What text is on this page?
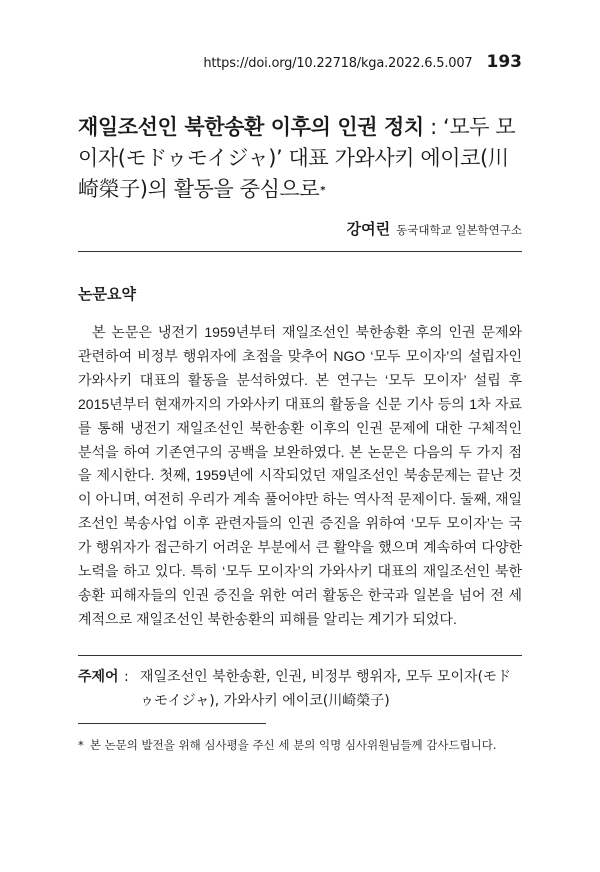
https://doi.org/10.22718/kga.2022.6.5.007 193
재일조선인 북한송환 이후의 인권 정치 : ‘모두 모이자(モドゥモイジャ)’ 대표 가와사키 에이코(川崎榮子)의 활동을 중심으로*
강여린 동국대학교 일본학연구소
논문요약

본 논문은 냉전기 1959년부터 재일조선인 북한송환 후의 인권 문제와 관련하여 비정부 행위자에 초점을 맞추어 NGO ‘모두 모이자’의 설립자인 가와사키 대표의 활동을 분석하였다. 본 연구는 ‘모두 모이자’ 설립 후 2015년부터 현재까지의 가와사키 대표의 활동을 신문 기사 등의 1차 자료를 통해 냉전기 재일조선인 북한송환 이후의 인권 문제에 대한 구체적인 분석을 하여 기존연구의 공백을 보완하였다. 본 논문은 다음의 두 가지 점을 제시한다. 첫째, 1959년에 시작되었던 재일조선인 북송문제는 끝난 것이 아니며, 여전히 우리가 계속 풀어야만 하는 역사적 문제이다. 둘째, 재일조선인 북송사업 이후 관련자들의 인권 증진을 위하여 ‘모두 모이자’는 국가 행위자가 접근하기 어려운 부분에서 큰 활약을 했으며 계속하여 다양한 노력을 하고 있다. 특히 ‘모두 모이자’의 가와사키 대표의 재일조선인 북한송환 피해자들의 인권 증진을 위한 여러 활동은 한국과 일본을 넘어 전 세계적으로 재일조선인 북한송환의 피해를 알리는 계기가 되었다.

주제어 : 재일조선인 북한송환, 인권, 비정부 행위자, 모두 모이자(モドゥモイジャ), 가와사키 에이코(川崎榮子)
* 본 논문의 발전을 위해 심사평을 주신 세 분의 익명 심사위원님들께 감사드립니다.
